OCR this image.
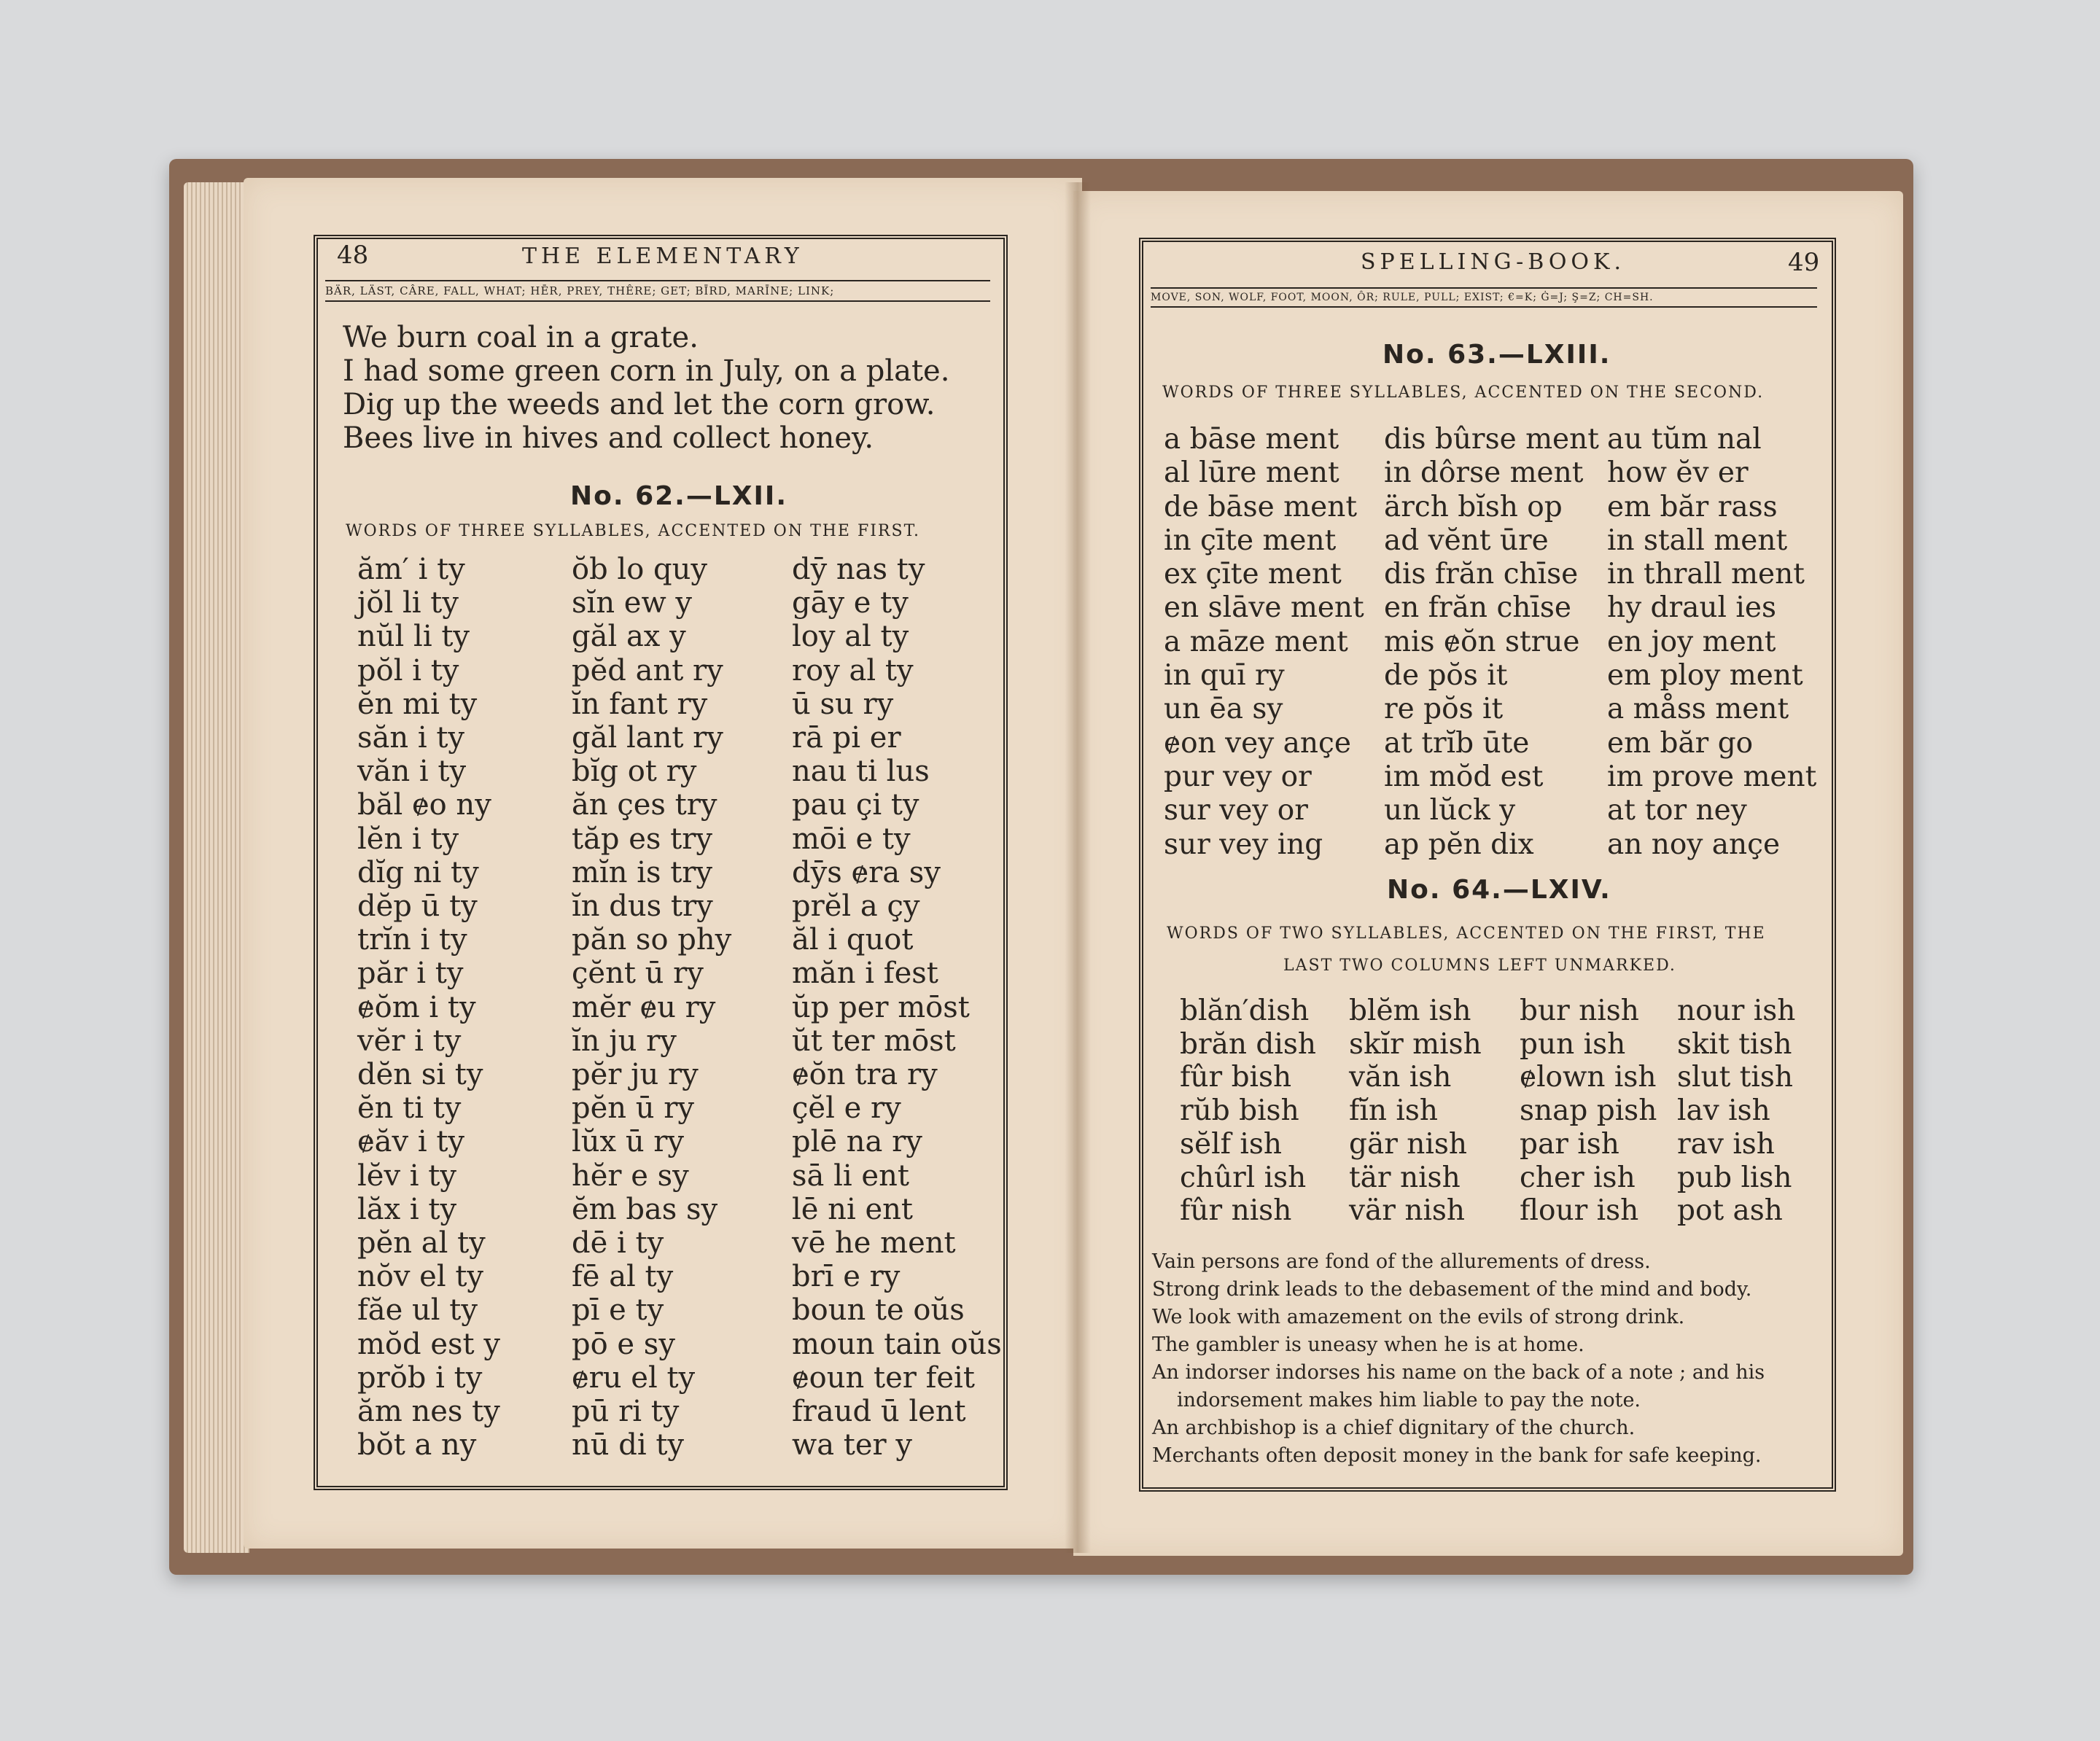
48	THE ELEMENTARY
BÄR, LÄST, CÂRE, FALL, WHAT; HĒR, PREY, THÊRE; GET; BĪRD, MARĪNE; LINK;
We burn coal in a grate.
I had some green corn in July, on a plate.
Dig up the weeds and let the corn grow.
Bees live in hives and collect honey.
No. 62.—LXII.
WORDS OF THREE SYLLABLES, ACCENTED ON THE FIRST.
ăm′ i ty
jŏl li ty
nŭl li ty
pŏl i ty
ĕn mi ty
săn i ty
văn i ty
băl ɇo ny
lĕn i ty
dĭg ni ty
dĕp ū ty
trĭn i ty
păr i ty
ɇŏm i ty
vĕr i ty
dĕn si ty
ĕn ti ty
ɇăv i ty
lĕv i ty
lăx i ty
pĕn al ty
nŏv el ty
făe ul ty
mŏd est y
prŏb i ty
ăm nes ty
bŏt a ny
ŏb lo quy
sĭn ew y
găl ax y
pĕd ant ry
ĭn fant ry
găl lant ry
bĭg ot ry
ăn çes try
tăp es try
mĭn is try
ĭn dus try
păn so phy
çĕnt ū ry
mĕr ɇu ry
ĭn ju ry
pĕr ju ry
pĕn ū ry
lŭx ū ry
hĕr e sy
ĕm bas sy
dē i ty
fē al ty
pī e ty
pō e sy
ɇru el ty
pū ri ty
nū di ty
dȳ nas ty
gāy e ty
loy al ty
roy al ty
ū su ry
rā pi er
nau ti lus
pau çi ty
mōi e ty
dȳs ɇra sy
prĕl a çy
ăl i quot
măn i fest
ŭp per mōst
ŭt ter mōst
ɇŏn tra ry
çĕl e ry
plē na ry
sā li ent
lē ni ent
vē he ment
brī e ry
boun te oŭs
moun tain oŭs
ɇoun ter feit
fraud ū lent
wa ter y
SPELLING-BOOK.	49
MOVE, SON, WOLF, FOOT, MOON, ÔR; RULE, PULL; EXIST; €=K; Ġ=J; Ş=Z; CH=SH.
No. 63.—LXIII.
WORDS OF THREE SYLLABLES, ACCENTED ON THE SECOND.
a bāse ment
al lūre ment
de bāse ment
in çīte ment
ex çīte ment
en slāve ment
a māze ment
in quī ry
un ēa sy
ɇon vey ançe
pur vey or
sur vey or
sur vey ing
dis bûrse ment
in dôrse ment
ärch bĭsh op
ad vĕnt ūre
dis frăn chīse
en frăn chīse
mis ɇŏn strue
de pŏs it
re pŏs it
at trĭb ūte
im mŏd est
un lŭck y
ap pĕn dix
au tŭm nal
how ĕv er
em băr rass
in stall ment
in thrall ment
hy draul ies
en joy ment
em ploy ment
a måss ment
em băr go
im prove ment
at tor ney
an noy ançe
No. 64.—LXIV.
WORDS OF TWO SYLLABLES, ACCENTED ON THE FIRST, THE
LAST TWO COLUMNS LEFT UNMARKED.
blăn′dish
brăn dish
fûr bish
rŭb bish
sĕlf ish
chûrl ish
fûr nish
blĕm ish
skĭr mish
văn ish
fĭn ish
gär nish
tär nish
vär nish
bur nish
pun ish
ɇlown ish
snap pish
par ish
cher ish
flour ish
nour ish
skit tish
slut tish
lav ish
rav ish
pub lish
pot ash
Vain persons are fond of the allurements of dress.
Strong drink leads to the debasement of the mind and body.
We look with amazement on the evils of strong drink.
The gambler is uneasy when he is at home.
An indorser indorses his name on the back of a note ; and his
indorsement makes him liable to pay the note.
An archbishop is a chief dignitary of the church.
Merchants often deposit money in the bank for safe keeping.
